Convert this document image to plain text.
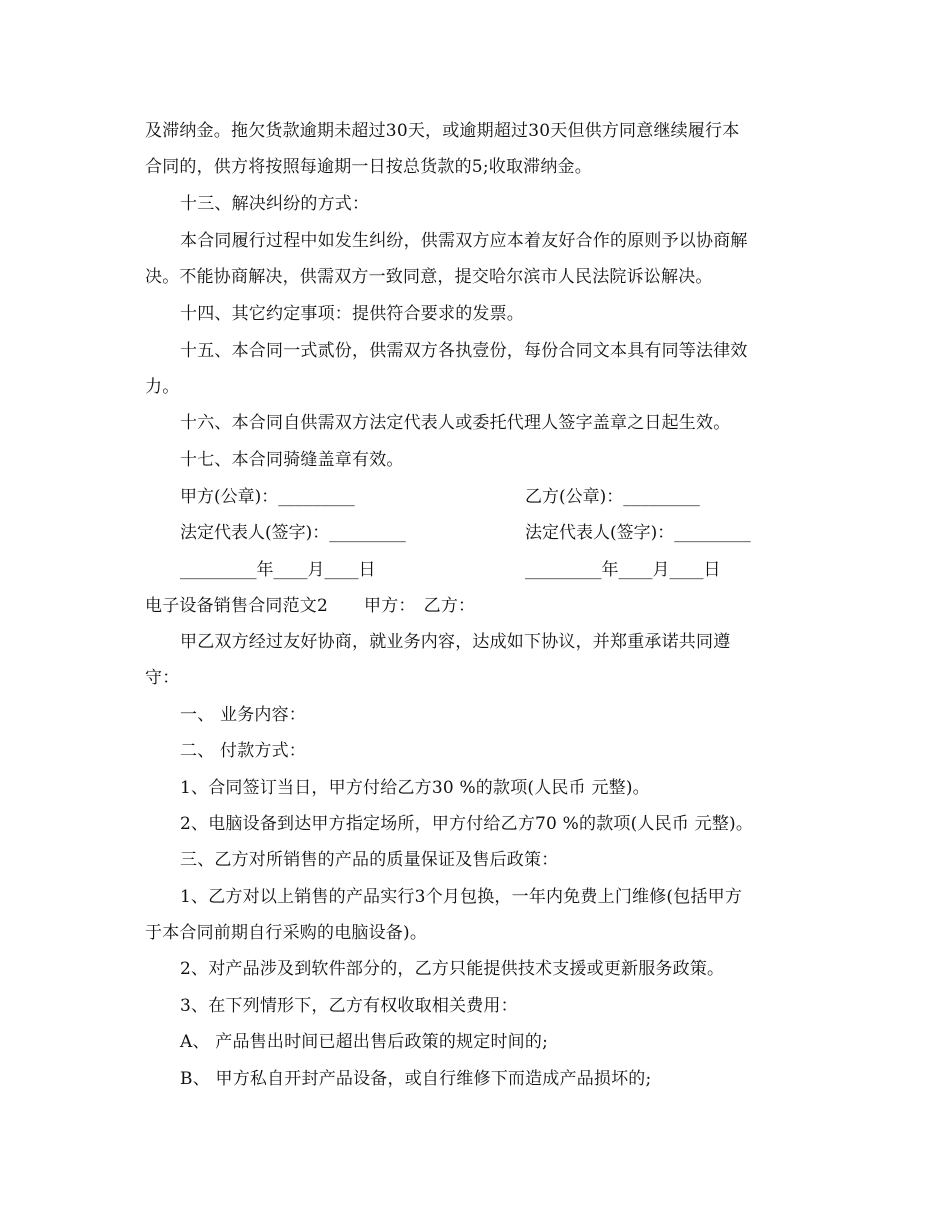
及滞纳金。拖欠货款逾期未超过30天，或逾期超过30天但供方同意继续履行本
合同的，供方将按照每逾期一日按总货款的5;收取滞纳金。
十三、解决纠纷的方式：
本合同履行过程中如发生纠纷，供需双方应本着友好合作的原则予以协商解
决。不能协商解决，供需双方一致同意，提交哈尔滨市人民法院诉讼解决。
十四、其它约定事项：提供符合要求的发票。
十五、本合同一式贰份，供需双方各执壹份，每份合同文本具有同等法律效
力。
十六、本合同自供需双方法定代表人或委托代理人签字盖章之日起生效。
十七、本合同骑缝盖章有效。
甲方(公章)：_________	乙方(公章)：_________
法定代表人(签字)：_________	法定代表人(签字)：_________
_________年____月____日	_________年____月____日
电子设备销售合同范文2 甲方： 乙方：
甲乙双方经过友好协商，就业务内容，达成如下协议，并郑重承诺共同遵
守：
一、 业务内容：
二、 付款方式：
1、合同签订当日，甲方付给乙方30 %的款项(人民币 元整)。
2、电脑设备到达甲方指定场所，甲方付给乙方70 %的款项(人民币 元整)。
三、乙方对所销售的产品的质量保证及售后政策：
1、乙方对以上销售的产品实行3个月包换，一年内免费上门维修(包括甲方
于本合同前期自行采购的电脑设备)。
2、对产品涉及到软件部分的，乙方只能提供技术支援或更新服务政策。
3、在下列情形下，乙方有权收取相关费用：
A、 产品售出时间已超出售后政策的规定时间的;
B、 甲方私自开封产品设备，或自行维修下而造成产品损坏的;
